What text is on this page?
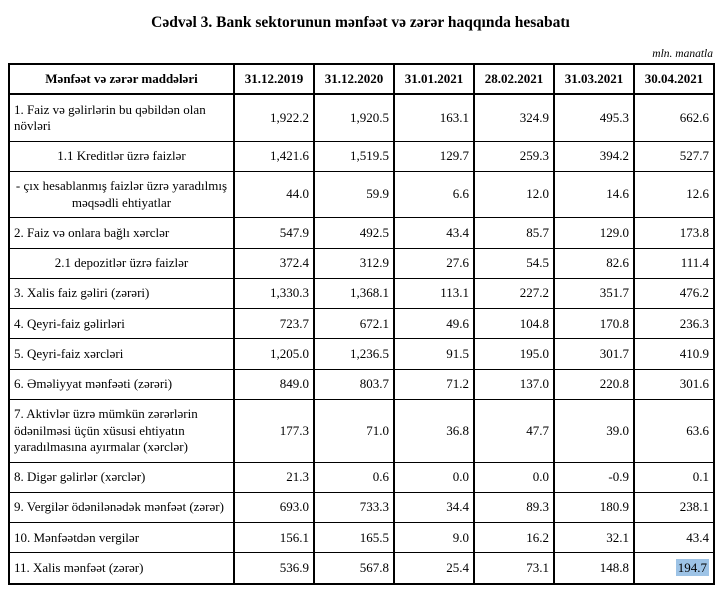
Cədvəl 3. Bank sektorunun mənfəət və zərər haqqında hesabatı
mln. manatla
Mənfəət və zərər maddələri	31.12.2019	31.12.2020	31.01.2021	28.02.2021	31.03.2021	30.04.2021
1. Faiz və gəlirlərin bu qəbildən olan növləri	1,922.2	1,920.5	163.1	324.9	495.3	662.6
1.1 Kreditlər üzrə faizlər	1,421.6	1,519.5	129.7	259.3	394.2	527.7
- çıx hesablanmış faizlər üzrə yaradılmış məqsədli ehtiyatlar	44.0	59.9	6.6	12.0	14.6	12.6
2. Faiz və onlara bağlı xərclər	547.9	492.5	43.4	85.7	129.0	173.8
2.1 depozitlər üzrə faizlər	372.4	312.9	27.6	54.5	82.6	111.4
3. Xalis faiz gəliri (zərəri)	1,330.3	1,368.1	113.1	227.2	351.7	476.2
4. Qeyri-faiz gəlirləri	723.7	672.1	49.6	104.8	170.8	236.3
5. Qeyri-faiz xərcləri	1,205.0	1,236.5	91.5	195.0	301.7	410.9
6. Əməliyyat mənfəəti (zərəri)	849.0	803.7	71.2	137.0	220.8	301.6
7. Aktivlər üzrə mümkün zərərlərin ödənilməsi üçün xüsusi ehtiyatın yaradılmasına ayırmalar (xərclər)	177.3	71.0	36.8	47.7	39.0	63.6
8. Digər gəlirlər (xərclər)	21.3	0.6	0.0	0.0	-0.9	0.1
9. Vergilər ödənilənədək mənfəət (zərər)	693.0	733.3	34.4	89.3	180.9	238.1
10. Mənfəətdən vergilər	156.1	165.5	9.0	16.2	32.1	43.4
11. Xalis mənfəət (zərər)	536.9	567.8	25.4	73.1	148.8	194.7
